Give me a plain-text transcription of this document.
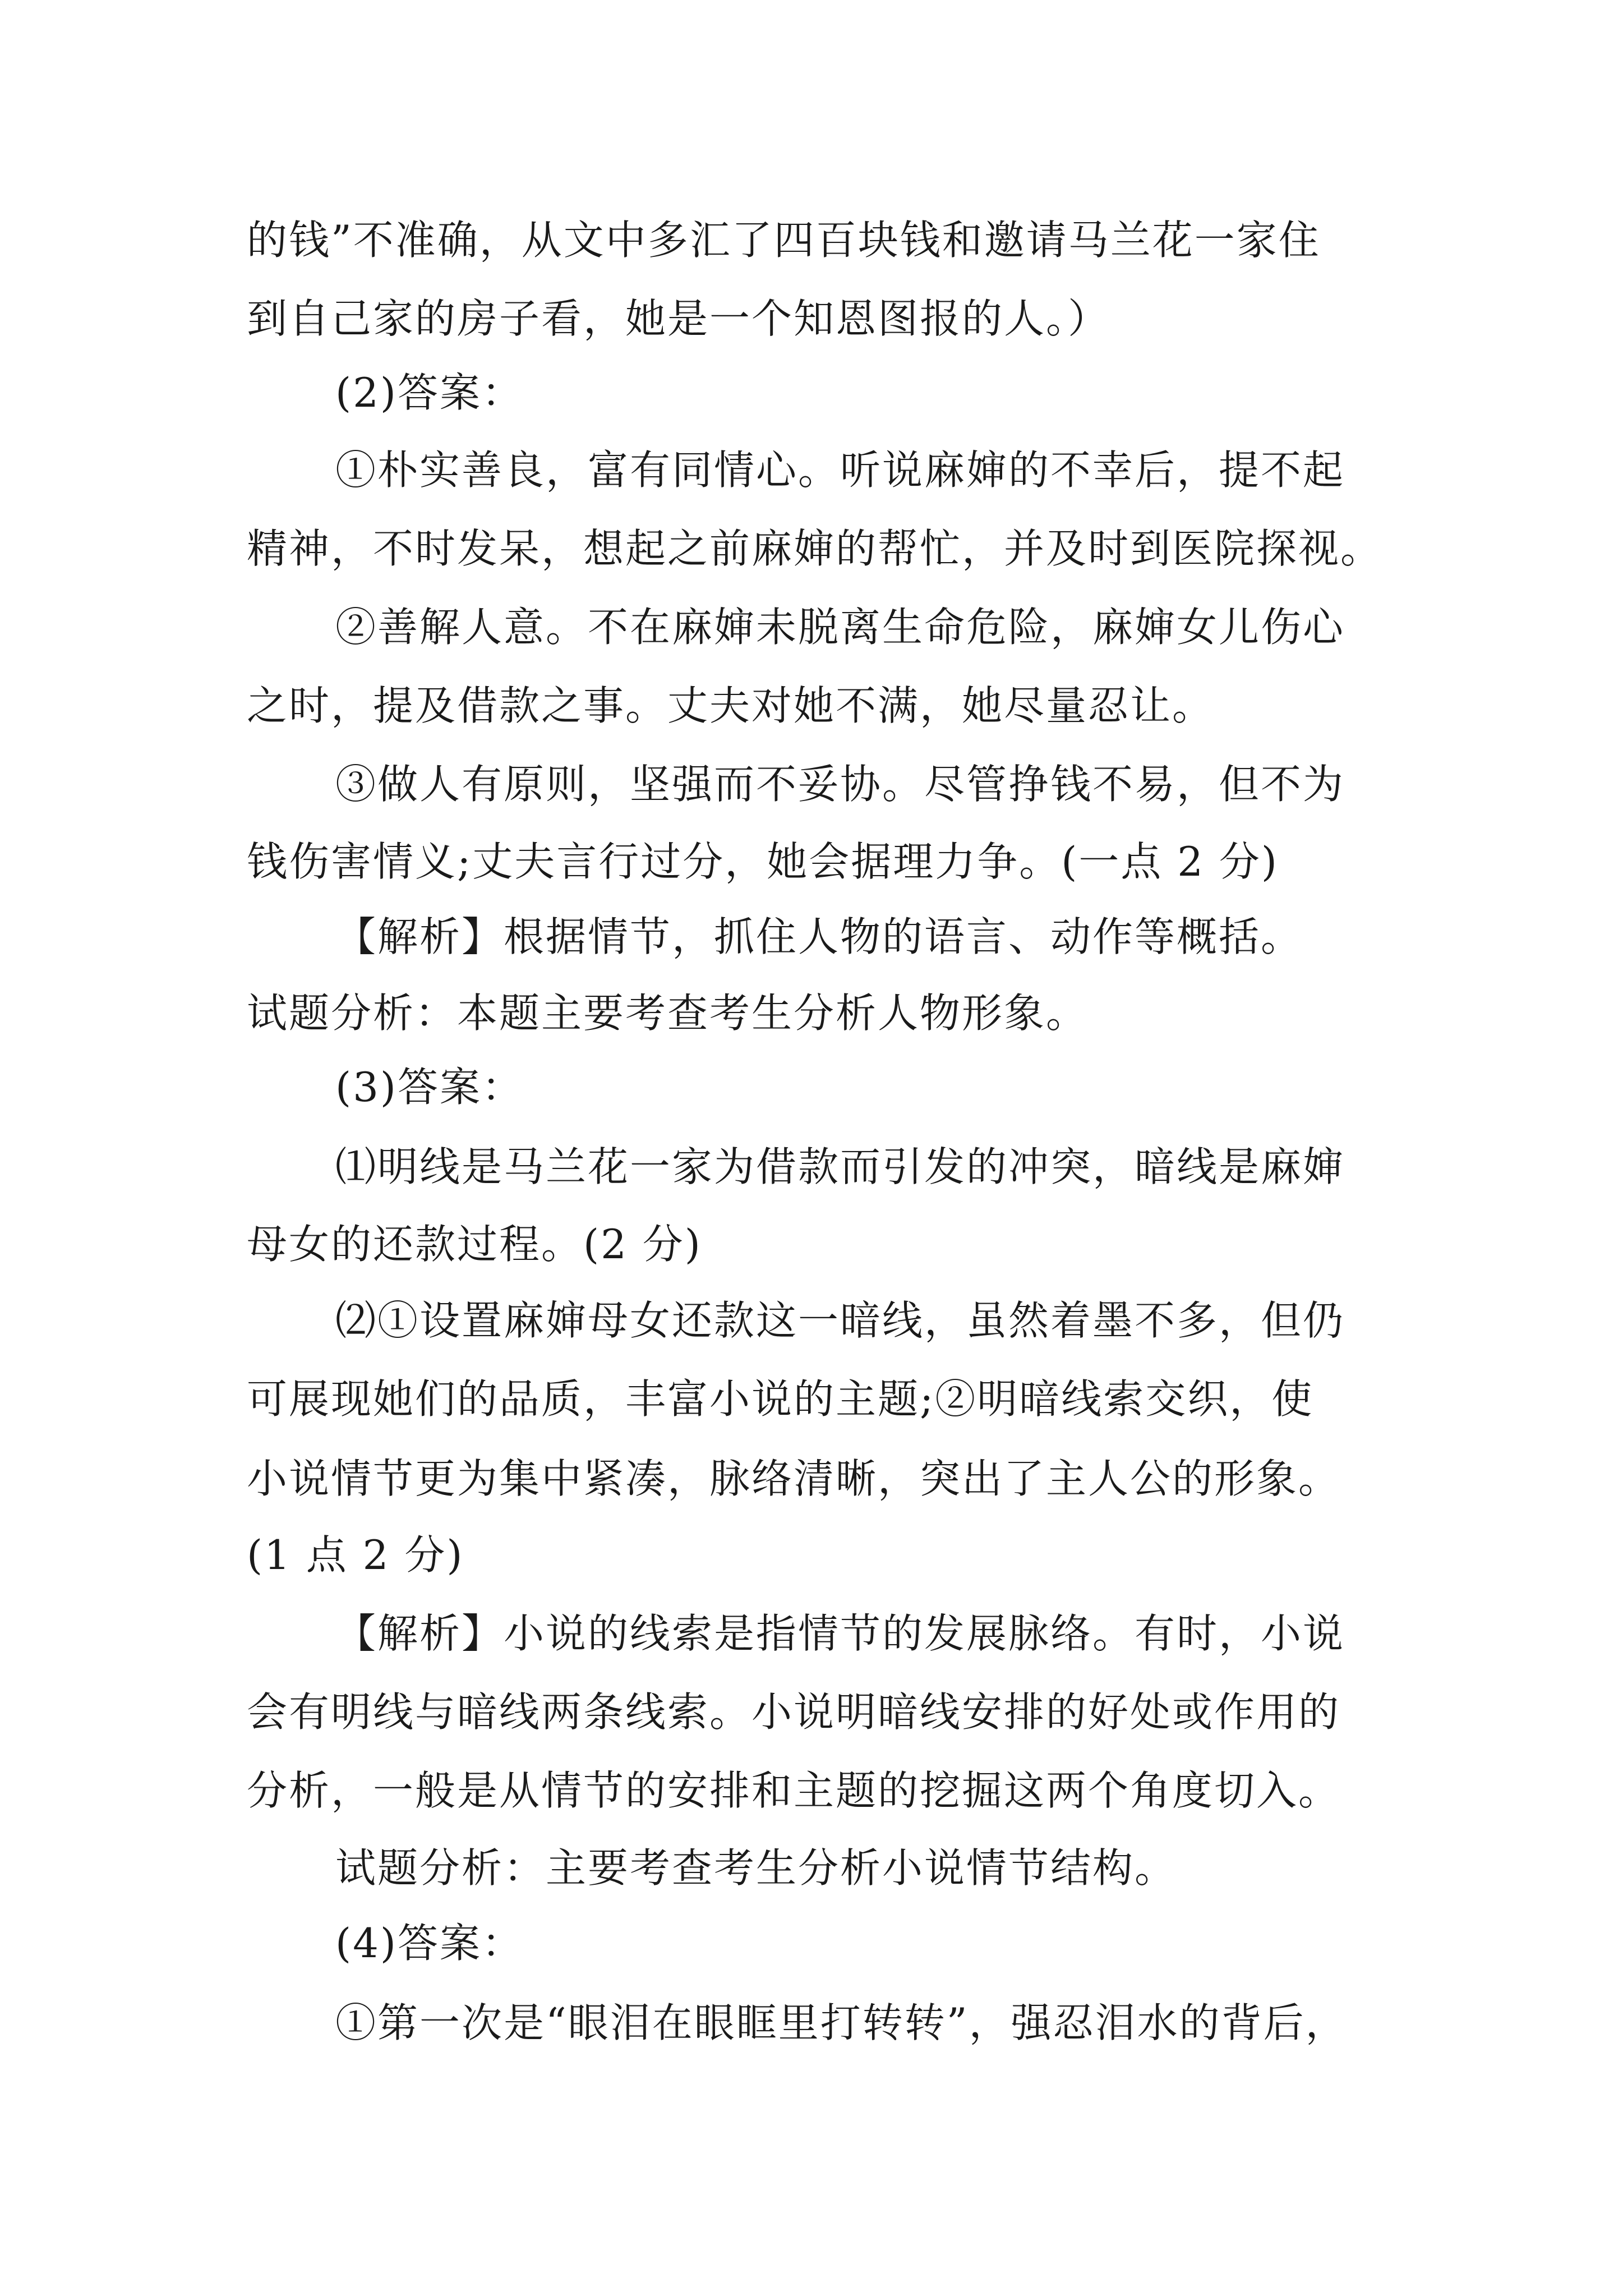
的钱”不准确，从文中多汇了四百块钱和邀请马兰花一家住
到自己家的房子看，她是一个知恩图报的人。）
(2)答案：
①朴实善良，富有同情心。听说麻婶的不幸后，提不起
精神，不时发呆，想起之前麻婶的帮忙，并及时到医院探视。
②善解人意。不在麻婶未脱离生命危险，麻婶女儿伤心
之时，提及借款之事。丈夫对她不满，她尽量忍让。
③做人有原则，坚强而不妥协。尽管挣钱不易，但不为
钱伤害情义;丈夫言行过分，她会据理力争。(一点 2 分)
【解析】根据情节，抓住人物的语言、动作等概括。
试题分析：本题主要考查考生分析人物形象。
(3)答案：
⑴明线是马兰花一家为借款而引发的冲突，暗线是麻婶
母女的还款过程。(2 分)
⑵①设置麻婶母女还款这一暗线，虽然着墨不多，但仍
可展现她们的品质，丰富小说的主题;②明暗线索交织，使
小说情节更为集中紧凑，脉络清晰，突出了主人公的形象。
(1 点 2 分)
【解析】小说的线索是指情节的发展脉络。有时，小说
会有明线与暗线两条线索。小说明暗线安排的好处或作用的
分析，一般是从情节的安排和主题的挖掘这两个角度切入。
试题分析：主要考查考生分析小说情节结构。
(4)答案：
①第一次是“眼泪在眼眶里打转转”，强忍泪水的背后，
